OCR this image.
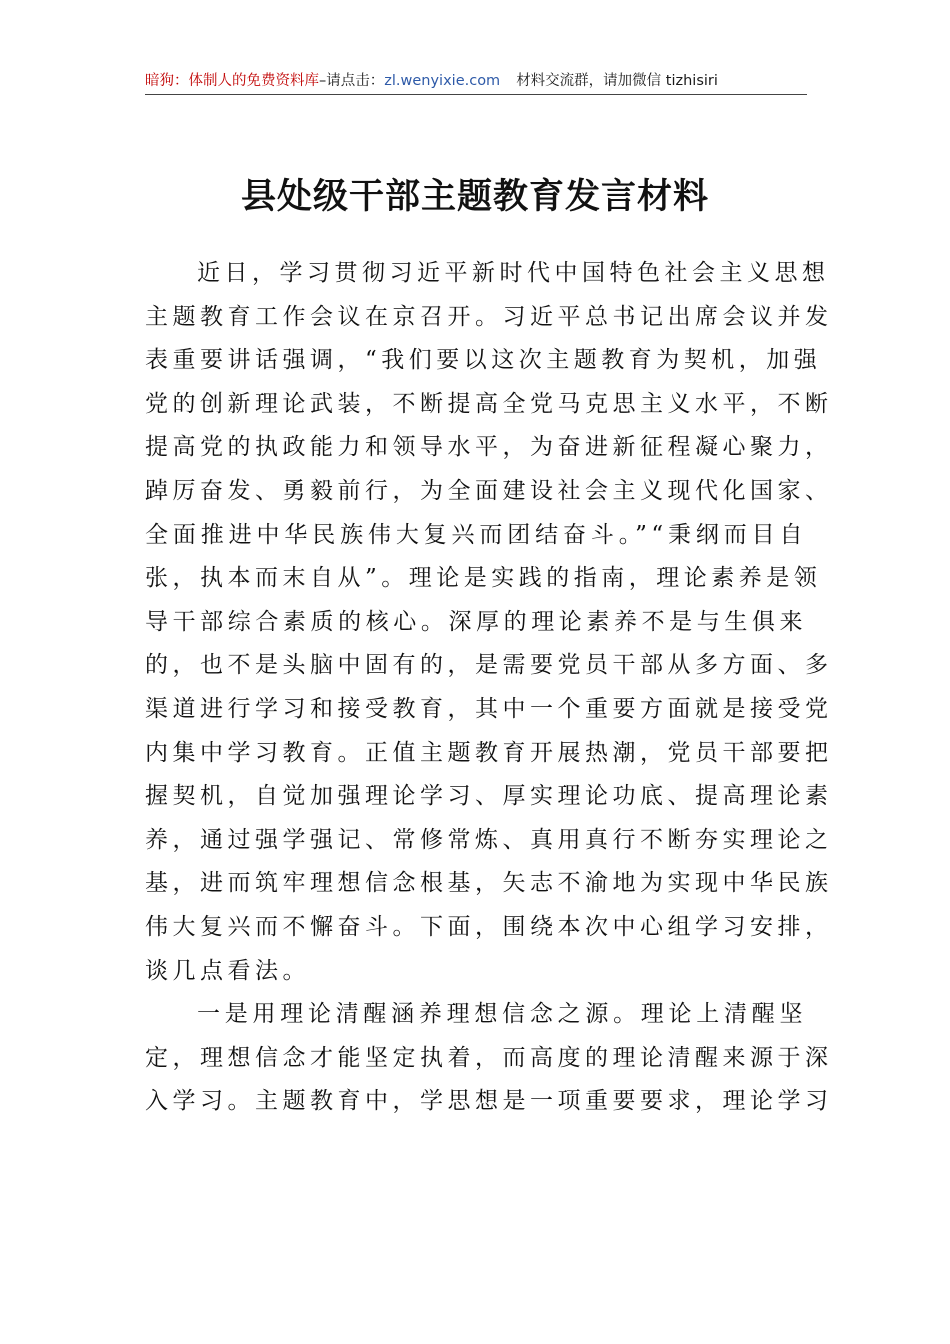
暗狗：体制人的免费资料库–请点击：zl.wenyixie.com 材料交流群，请加微信 tizhisiri
县处级干部主题教育发言材料
近日，学习贯彻习近平新时代中国特色社会主义思想
主题教育工作会议在京召开。习近平总书记出席会议并发
表重要讲话强调，“我们要以这次主题教育为契机，加强
党的创新理论武装，不断提高全党马克思主义水平，不断
提高党的执政能力和领导水平，为奋进新征程凝心聚力，
踔厉奋发、勇毅前行，为全面建设社会主义现代化国家、
全面推进中华民族伟大复兴而团结奋斗。”“秉纲而目自
张，执本而末自从”。理论是实践的指南，理论素养是领
导干部综合素质的核心。深厚的理论素养不是与生俱来
的，也不是头脑中固有的，是需要党员干部从多方面、多
渠道进行学习和接受教育，其中一个重要方面就是接受党
内集中学习教育。正值主题教育开展热潮，党员干部要把
握契机，自觉加强理论学习、厚实理论功底、提高理论素
养，通过强学强记、常修常炼、真用真行不断夯实理论之
基，进而筑牢理想信念根基，矢志不渝地为实现中华民族
伟大复兴而不懈奋斗。下面，围绕本次中心组学习安排，
谈几点看法。
一是用理论清醒涵养理想信念之源。理论上清醒坚
定，理想信念才能坚定执着，而高度的理论清醒来源于深
入学习。主题教育中，学思想是一项重要要求，理论学习
